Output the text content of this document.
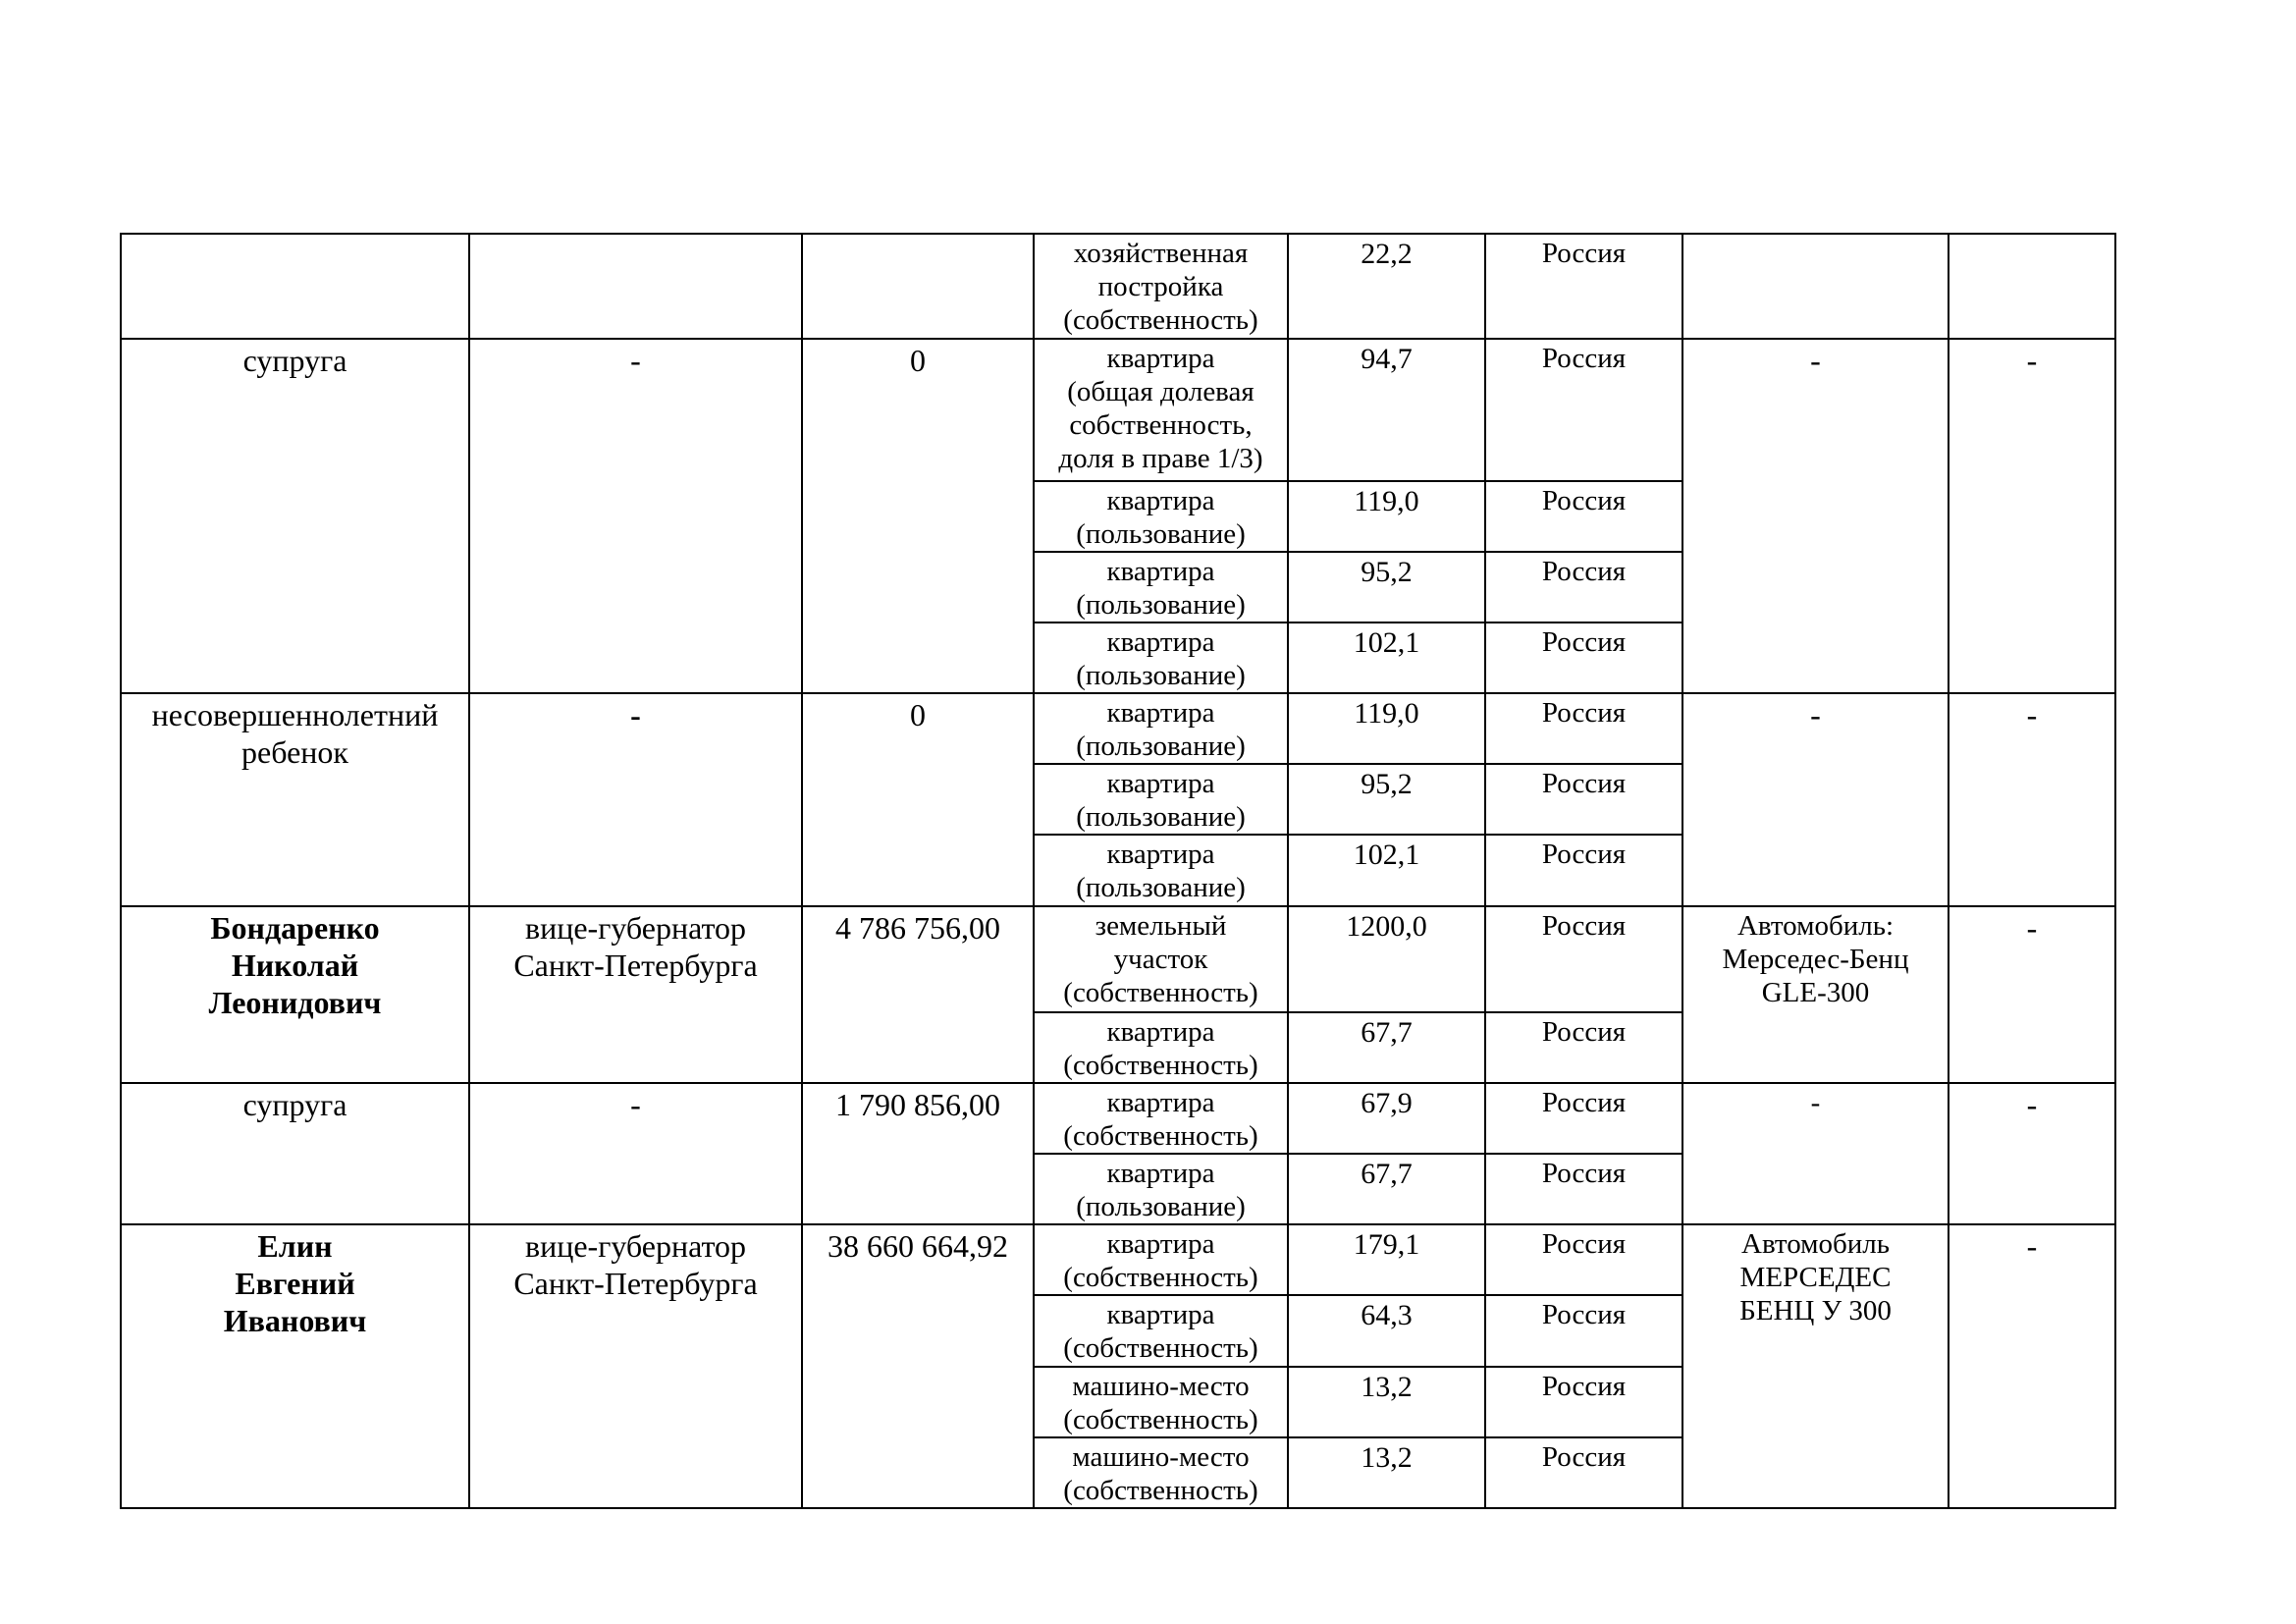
			хозяйственная
постройка
(собственность)	22,2	Россия		
супруга	-	0	квартира
(общая долевая
собственность,
доля в праве 1/3)	94,7	Россия	-	-
			квартира
(пользование)	119,0	Россия		
			квартира
(пользование)	95,2	Россия		
			квартира
(пользование)	102,1	Россия		
несовершеннолетний
ребенок	-	0	квартира
(пользование)	119,0	Россия	-	-
			квартира
(пользование)	95,2	Россия		
			квартира
(пользование)	102,1	Россия		
Бондаренко
Николай
Леонидович	вице-губернатор
Санкт-Петербурга	4 786 756,00	земельный
участок
(собственность)	1200,0	Россия	Автомобиль:
Мерседес-Бенц
GLE-300	-
			квартира
(собственность)	67,7	Россия		
супруга	-	1 790 856,00	квартира
(собственность)	67,9	Россия	-	-
			квартира
(пользование)	67,7	Россия		
Елин
Евгений
Иванович	вице-губернатор
Санкт-Петербурга	38 660 664,92	квартира
(собственность)	179,1	Россия	Автомобиль
МЕРСЕДЕС
БЕНЦ У 300	-
			квартира
(собственность)	64,3	Россия		
			машино-место
(собственность)	13,2	Россия		
			машино-место
(собственность)	13,2	Россия		
